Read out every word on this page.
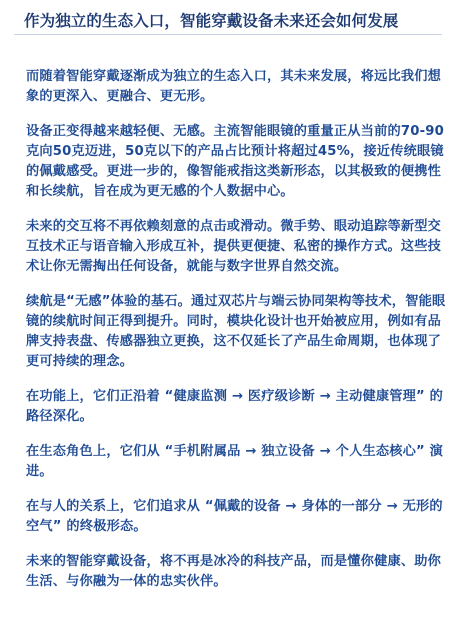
作为独立的生态入口，智能穿戴设备未来还会如何发展

而随着智能穿戴逐渐成为独立的生态入口，其未来发展，将远比我们想象的更深入、更融合、更无形。

设备正变得越来越轻便、无感。主流智能眼镜的重量正从当前的70-90克向50克迈进，50克以下的产品占比预计将超过45%，接近传统眼镜的佩戴感受。更进一步的，像智能戒指这类新形态，以其极致的便携性和长续航，旨在成为更无感的个人数据中心。

未来的交互将不再依赖刻意的点击或滑动。微手势、眼动追踪等新型交互技术正与语音输入形成互补，提供更便捷、私密的操作方式。这些技术让你无需掏出任何设备，就能与数字世界自然交流。

续航是“无感”体验的基石。通过双芯片与端云协同架构等技术，智能眼镜的续航时间正得到提升。同时，模块化设计也开始被应用，例如有品牌支持表盘、传感器独立更换，这不仅延长了产品生命周期，也体现了更可持续的理念。

在功能上，它们正沿着 “健康监测 → 医疗级诊断 → 主动健康管理” 的路径深化。

在生态角色上，它们从 “手机附属品 → 独立设备 → 个人生态核心” 演进。

在与人的关系上，它们追求从 “佩戴的设备 → 身体的一部分 → 无形的空气” 的终极形态。

未来的智能穿戴设备，将不再是冰冷的科技产品，而是懂你健康、助你生活、与你融为一体的忠实伙伴。
